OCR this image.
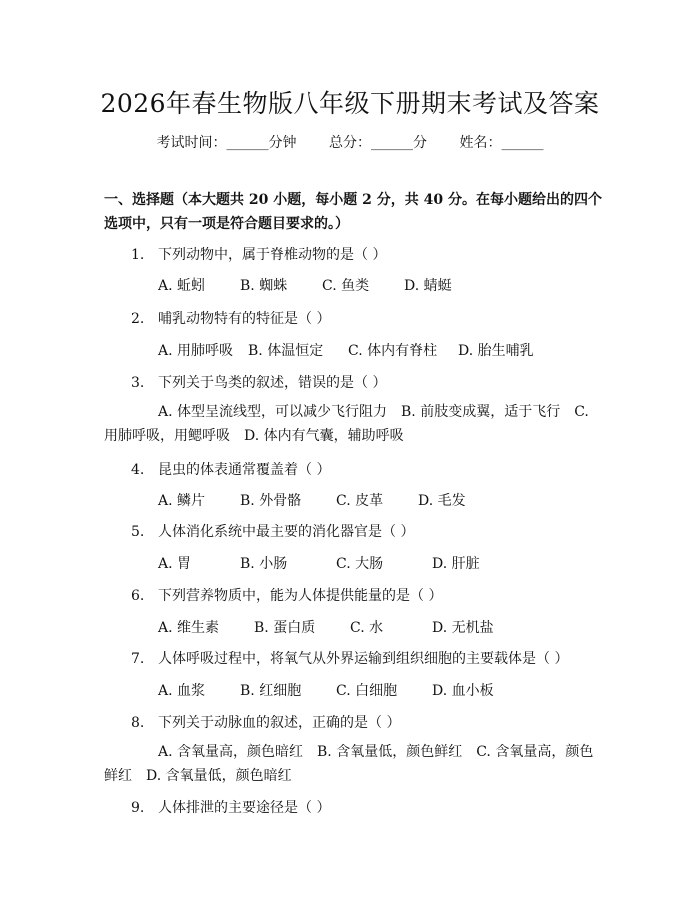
2026年春生物版八年级下册期末考试及答案
考试时间：______分钟 总分：______分 姓名：______
一、选择题（本大题共 20 小题，每小题 2 分，共 40 分。在每小题给出的四个选项中，只有一项是符合题目要求的。）
1. 下列动物中，属于脊椎动物的是（ ）
A. 蚯蚓 B. 蜘蛛 C. 鱼类 D. 蜻蜓
2. 哺乳动物特有的特征是（ ）
A. 用肺呼吸 B. 体温恒定 C. 体内有脊柱 D. 胎生哺乳
3. 下列关于鸟类的叙述，错误的是（ ）
A. 体型呈流线型，可以减少飞行阻力 B. 前肢变成翼，适于飞行 C. 用肺呼吸，用鳃呼吸 D. 体内有气囊，辅助呼吸
4. 昆虫的体表通常覆盖着（ ）
A. 鳞片 B. 外骨骼 C. 皮革 D. 毛发
5. 人体消化系统中最主要的消化器官是（ ）
A. 胃	B. 小肠	C. 大肠	D. 肝脏
6. 下列营养物质中，能为人体提供能量的是（ ）
A. 维生素 B. 蛋白质 C. 水	D. 无机盐
7. 人体呼吸过程中，将氧气从外界运输到组织细胞的主要载体是（ ）
A. 血浆 B. 红细胞 C. 白细胞 D. 血小板
8. 下列关于动脉血的叙述，正确的是（ ）
A. 含氧量高，颜色暗红 B. 含氧量低，颜色鲜红 C. 含氧量高，颜色鲜红 D. 含氧量低，颜色暗红
9. 人体排泄的主要途径是（ ）
